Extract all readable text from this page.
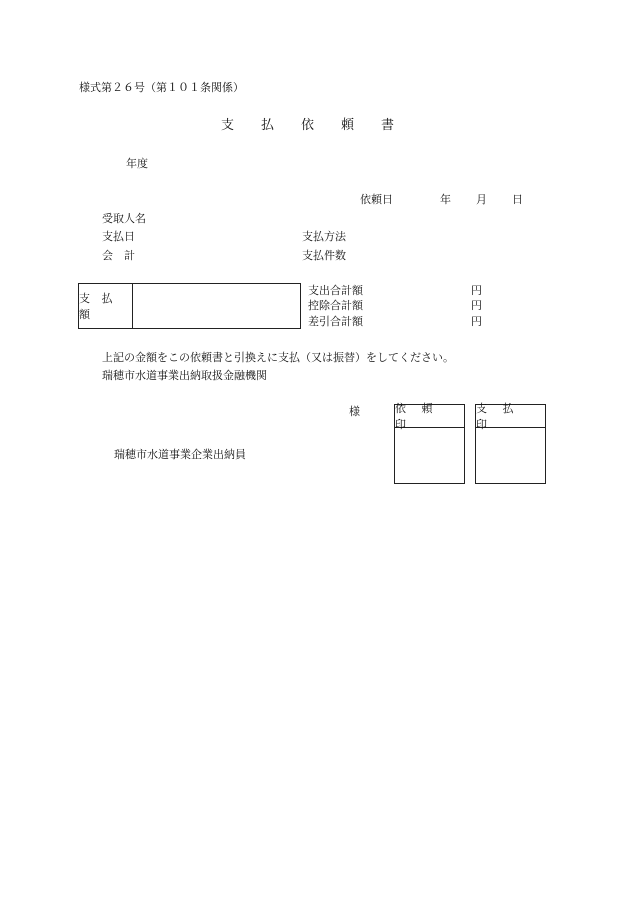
様式第２６号（第１０１条関係）
支 払 依 頼 書
年度
依頼日	年 月 日
受取人名
支払日	支払方法
会　計	支払件数
支 払 額
支出合計額	円
控除合計額	円
差引合計額	円
上記の金額をこの依頼書と引換えに支払（又は振替）をしてください。
瑞穂市水道事業出納取扱金融機関
様	依 頼 印
支 払 印
瑞穂市水道事業企業出納員
